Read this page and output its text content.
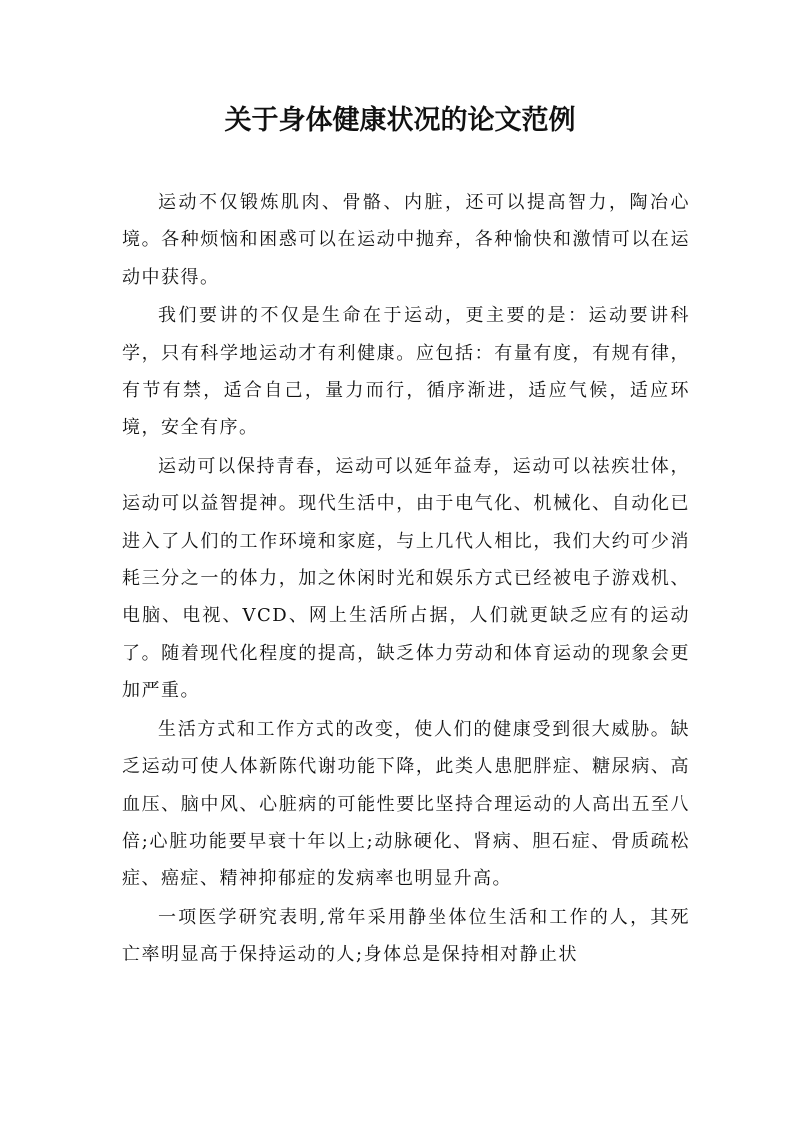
关于身体健康状况的论文范例

运动不仅锻炼肌肉、骨骼、内脏，还可以提高智力，陶冶心境。各种烦恼和困惑可以在运动中抛弃，各种愉快和激情可以在运动中获得。

我们要讲的不仅是生命在于运动，更主要的是：运动要讲科学，只有科学地运动才有利健康。应包括：有量有度，有规有律，有节有禁，适合自己，量力而行，循序渐进，适应气候，适应环境，安全有序。

运动可以保持青春，运动可以延年益寿，运动可以祛疾壮体，运动可以益智提神。现代生活中，由于电气化、机械化、自动化已进入了人们的工作环境和家庭，与上几代人相比，我们大约可少消耗三分之一的体力，加之休闲时光和娱乐方式已经被电子游戏机、电脑、电视、VCD、网上生活所占据，人们就更缺乏应有的运动了。随着现代化程度的提高，缺乏体力劳动和体育运动的现象会更加严重。

生活方式和工作方式的改变，使人们的健康受到很大威胁。缺乏运动可使人体新陈代谢功能下降，此类人患肥胖症、糖尿病、高血压、脑中风、心脏病的可能性要比坚持合理运动的人高出五至八倍;心脏功能要早衰十年以上;动脉硬化、肾病、胆石症、骨质疏松症、癌症、精神抑郁症的发病率也明显升高。

一项医学研究表明,常年采用静坐体位生活和工作的人，其死亡率明显高于保持运动的人;身体总是保持相对静止状
